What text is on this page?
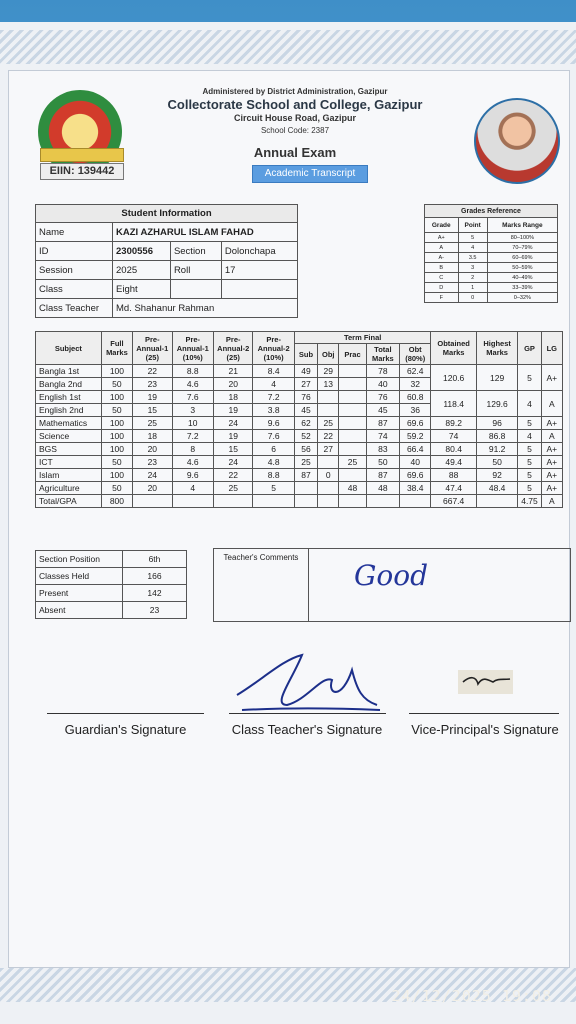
EIIN: 139442
Administered by District Administration, Gazipur
Collectorate School and College, Gazipur
Circuit House Road, Gazipur
School Code: 2387
Annual Exam
Academic Transcript
Student Information			
Name	KAZI AZHARUL ISLAM FAHAD		
ID	2300556	Section	Dolonchapa
Session	2025	Roll	17
Class	Eight		
Class Teacher	Md. Shahanur Rahman		
Grades Reference		
Grade	Point	Marks Range
A+	5	80–100%
A	4	70–79%
A-	3.5	60–69%
B	3	50–59%
C	2	40–49%
D	1	33–39%
F	0	0–32%
Subject	Full Marks	Pre-Annual-1 (25)	Pre-Annual-1 (10%)	Pre-Annual-2 (25)	Pre-Annual-2 (10%)	Term Final					Obtained Marks	Highest Marks	GP	LG
						Sub	Obj	Prac	Total Marks	Obt (80%)				
Bangla 1st	100	22	8.8	21	8.4	49	29		78	62.4	120.6	129	5	A+
Bangla 2nd	50	23	4.6	20	4	27	13		40	32				
English 1st	100	19	7.6	18	7.2	76			76	60.8	118.4	129.6	4	A
English 2nd	50	15	3	19	3.8	45			45	36				
Mathematics	100	25	10	24	9.6	62	25		87	69.6	89.2	96	5	A+
Science	100	18	7.2	19	7.6	52	22		74	59.2	74	86.8	4	A
BGS	100	20	8	15	6	56	27		83	66.4	80.4	91.2	5	A+
ICT	50	23	4.6	24	4.8	25		25	50	40	49.4	50	5	A+
Islam	100	24	9.6	22	8.8	87	0		87	69.6	88	92	5	A+
Agriculture	50	20	4	25	5			48	48	38.4	47.4	48.4	5	A+
Total/GPA	800										667.4		4.75	A
Section Position	6th
Classes Held	166
Present	142
Absent	23
Teacher's Comments
Good
Guardian's Signature	Class Teacher's Signature	Vice-Principal's Signature
24/12/2025 19:08
